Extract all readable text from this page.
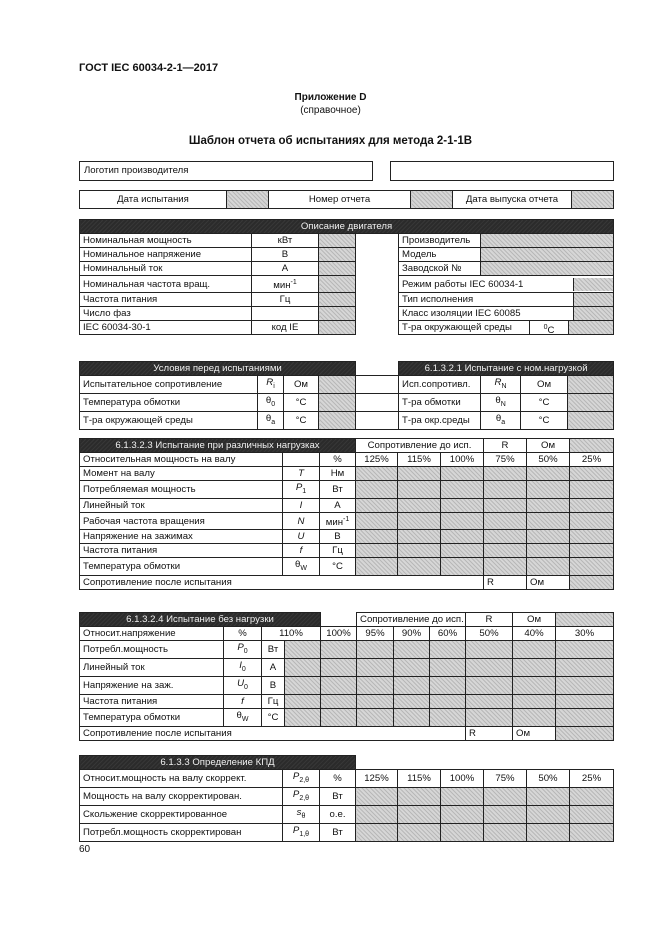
ГОСТ IEC 60034-2-1—2017
Приложение D
(справочное)
Шаблон отчета об испытаниях для метода 2-1-1В
Логотип производителя
Дата испытания		Номер отчета		Дата выпуска отчета	
Описание двигателя					
Номинальная мощность	кВт			Производитель	
Номинальное напряжение	В			Модель	
Номинальный ток	А			Заводской №	
Номинальная частота вращ.	мин$^{-1}$			Режим работы IEC 60034-1	

Частота питания	Гц			Тип исполнения	

Число фаз				Класс изоляции IEC 60085	

IEC 60034-30-1	код IE			Т-ра окружающей среды $^0$C	
Условия перед испытаниями					6.1.3.2.1 Испытание с ном.нагрузкой			
Испытательное сопротивление	$R_i$	Ом			Исп.сопротивл.	$R_N$	Ом	
Температура обмотки	$\theta_0$	°C			Т-ра обмотки	$\theta_N$	°C	
Т-ра окружающей среды	$\theta_a$	°C			Т-ра окр.среды	$\theta_a$	°C	
6.1.3.2.3 Испытание при различных нагрузках			Сопротивление до исп.			R	Ом	
Относительная мощность на валу		%	125%	115%	100%	75%	50%	25%
Момент на валу	T	Нм						
Потребляемая мощность	$P_1$	Вт						
Линейный ток	I	А						
Рабочая частота вращения	N	мин$^{-1}$						
Напряжение на зажимах	U	В						
Частота питания	f	Гц						
Температура обмотки	$\theta_W$	°C						
Сопротивление после испытания						R	Ом	
6.1.3.2.4 Испытание без нагрузки					Сопротивление до исп.			R	Ом	
Относит.напряжение	%	110%		100%	95%	90%	60%	50%	40%	30%
Потребл.мощность	$P_0$	Вт								
Линейный ток	$I_0$	А								
Напряжение на заж.	$U_0$	В								
Частота питания	f	Гц								
Температура обмотки	$\theta_W$	°C								
Сопротивление после испытания								R	Ом	
6.1.3.3 Определение КПД								
Относит.мощность на валу скоррект.	$P_{2,\theta}$	%	125%	115%	100%	75%	50%	25%
Мощность на валу скорректирован.	$P_{2,\theta}$	Вт						
Скольжение скорректированное	$s_\theta$	о.е.						
Потребл.мощность скорректирован	$P_{1,\theta}$	Вт						
60
